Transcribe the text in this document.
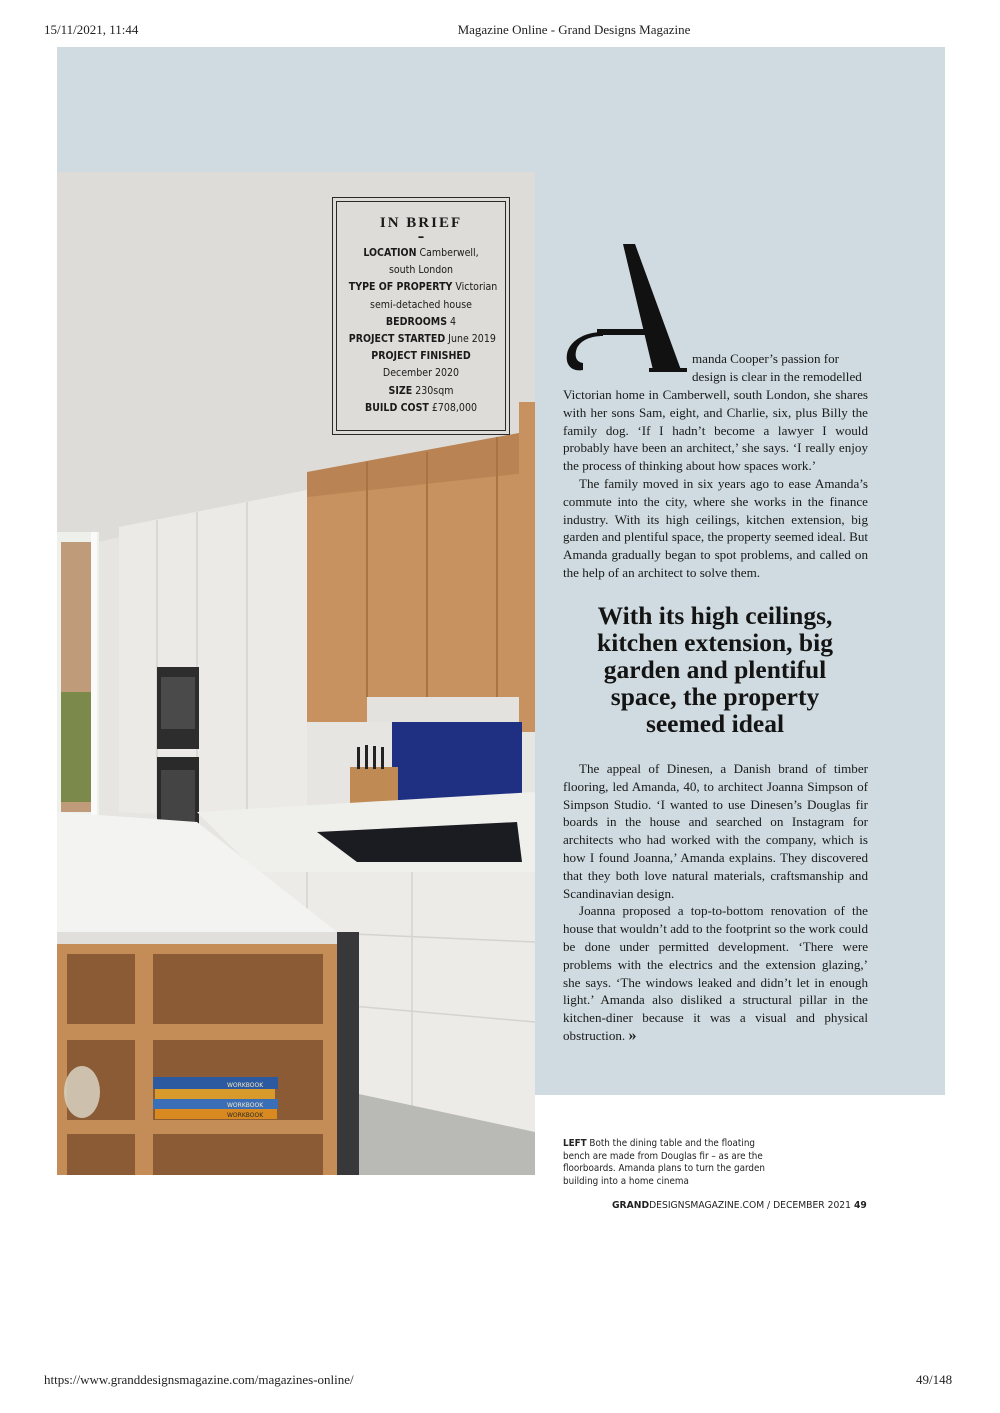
15/11/2021, 11:44	Magazine Online - Grand Designs Magazine
WORKBOOK
WORKBOOK
WORKBOOK
IN BRIEF
–
LOCATION Camberwell,
south London
TYPE OF PROPERTY Victorian
semi-detached house
BEDROOMS 4
PROJECT STARTED June 2019
PROJECT FINISHED
December 2020
SIZE 230sqm
BUILD COST £708,000
A
manda Cooper’s passion for design is clear in the remodelled

Victorian home in Camberwell, south London, she shares with her sons Sam, eight, and Charlie, six, plus Billy the family dog. ‘If I hadn’t become a lawyer I would probably have been an architect,’ she says. ‘I really enjoy the process of thinking about how spaces work.’

The family moved in six years ago to ease Amanda’s commute into the city, where she works in the finance industry. With its high ceilings, kitchen extension, big garden and plentiful space, the property seemed ideal. But Amanda gradually began to spot problems, and called on the help of an architect to solve them.

With its high ceilings, kitchen extension, big garden and plentiful space, the property seemed ideal

The appeal of Dinesen, a Danish brand of timber flooring, led Amanda, 40, to architect Joanna Simpson of Simpson Studio. ‘I wanted to use Dinesen’s Douglas fir boards in the house and searched on Instagram for architects who had worked with the company, which is how I found Joanna,’ Amanda explains. They discovered that they both love natural materials, craftsmanship and Scandinavian design.

Joanna proposed a top-to-bottom renovation of the house that wouldn’t add to the footprint so the work could be done under permitted development. ‘There were problems with the electrics and the extension glazing,’ she says. ‘The windows leaked and didn’t let in enough light.’ Amanda also disliked a structural pillar in the kitchen-diner because it was a visual and physical obstruction. »

LEFT Both the dining table and the floating bench are made from Douglas fir – as are the floorboards. Amanda plans to turn the garden building into a home cinema
GRANDDESIGNSMAGAZINE.COM / DECEMBER 2021 49
https://www.granddesignsmagazine.com/magazines-online/	49/148
